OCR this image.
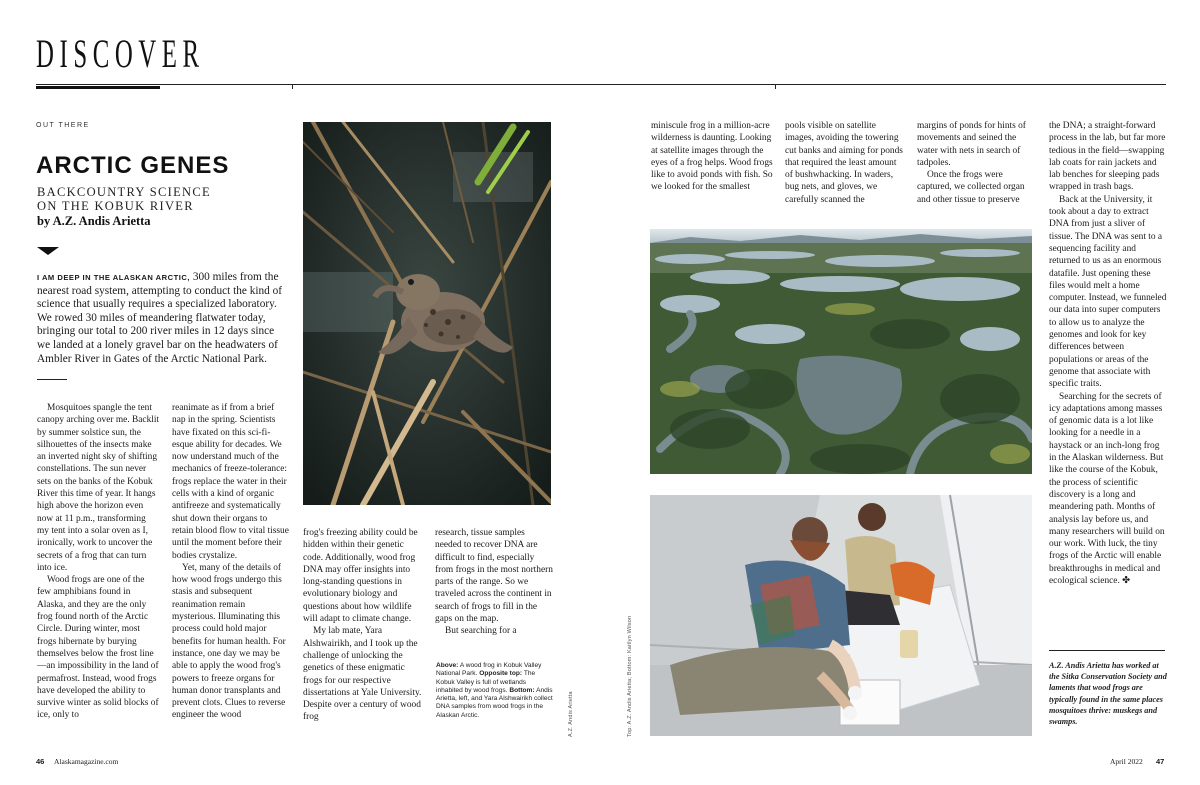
DISCOVER
OUT THERE
ARCTIC GENES
BACKCOUNTRY SCIENCE
ON THE KOBUK RIVER
by A.Z. Andis Arietta
I AM DEEP IN THE ALASKAN ARCTIC, 300 miles from the nearest road system, attempting to conduct the kind of science that usually requires a specialized laboratory. We rowed 30 miles of meandering flatwater today, bringing our total to 200 river miles in 12 days since we landed at a lonely gravel bar on the headwaters of Ambler River in Gates of the Arctic National Park.

Mosquitoes spangle the tent canopy arching over me. Backlit by summer solstice sun, the silhouettes of the insects make an inverted night sky of shifting constellations. The sun never sets on the banks of the Kobuk River this time of year. It hangs high above the horizon even now at 11 p.m., transforming my tent into a solar oven as I, ironically, work to uncover the secrets of a frog that can turn into ice.

Wood frogs are one of the few amphibians found in Alaska, and they are the only frog found north of the Arctic Circle. During winter, most frogs hibernate by burying themselves below the frost line—an impossibility in the land of permafrost. Instead, wood frogs have developed the ability to survive winter as solid blocks of ice, only to

reanimate as if from a brief nap in the spring. Scientists have fixated on this sci-fi-esque ability for decades. We now understand much of the mechanics of freeze-tolerance: frogs replace the water in their cells with a kind of organic antifreeze and systematically shut down their organs to retain blood flow to vital tissue until the moment before their bodies crystalize.

Yet, many of the details of how wood frogs undergo this stasis and subsequent reanimation remain mysterious. Illuminating this process could hold major benefits for human health. For instance, one day we may be able to apply the wood frog's powers to freeze organs for human donor transplants and prevent clots. Clues to reverse engineer the wood

frog's freezing ability could be hidden within their genetic code. Additionally, wood frog DNA may offer insights into long-standing questions in evolutionary biology and questions about how wildlife will adapt to climate change.

My lab mate, Yara Alshwairikh, and I took up the challenge of unlocking the genetics of these enigmatic frogs for our respective dissertations at Yale University. Despite over a century of wood frog

research, tissue samples needed to recover DNA are difficult to find, especially from frogs in the most northern parts of the range. So we traveled across the continent in search of frogs to fill in the gaps on the map.

But searching for a

Above: A wood frog in Kobuk Valley National Park. Opposite top: The Kobuk Valley is full of wetlands inhabited by wood frogs. Bottom: Andis Arietta, left, and Yara Alshwairikh collect DNA samples from wood frogs in the Alaskan Arctic.	A.Z. Andis Arietta
46 Alaskamagazine.com

miniscule frog in a million-acre wilderness is daunting. Looking at satellite images through the eyes of a frog helps. Wood frogs like to avoid ponds with fish. So we looked for the smallest

pools visible on satellite images, avoiding the towering cut banks and aiming for ponds that required the least amount of bushwhacking. In waders, bug nets, and gloves, we carefully scanned the

margins of ponds for hints of movements and seined the water with nets in search of tadpoles.

Once the frogs were captured, we collected organ and other tissue to preserve

the DNA; a straight-forward process in the lab, but far more tedious in the field—swapping lab coats for rain jackets and lab benches for sleeping pads wrapped in trash bags.

Back at the University, it took about a day to extract DNA from just a sliver of tissue. The DNA was sent to a sequencing facility and returned to us as an enormous datafile. Just opening these files would melt a home computer. Instead, we funneled our data into super computers to allow us to analyze the genomes and look for key differences between populations or areas of the genome that associate with specific traits.

Searching for the secrets of icy adaptations among masses of genomic data is a lot like looking for a needle in a haystack or an inch-long frog in the Alaskan wilderness. But like the course of the Kobuk, the process of scientific discovery is a long and meandering path. Months of analysis lay before us, and many researchers will build on our work. With luck, the tiny frogs of the Arctic will enable breakthroughs in medical and ecological science. ✤

Top: A.Z. Andis Arietta; Bottom: Kaitlyn Wilson	A.Z. Andis Arietta has worked at the Sitka Conservation Society and laments that wood frogs are typically found in the same places mosquitoes thrive: muskegs and swamps.
April 2022 47
